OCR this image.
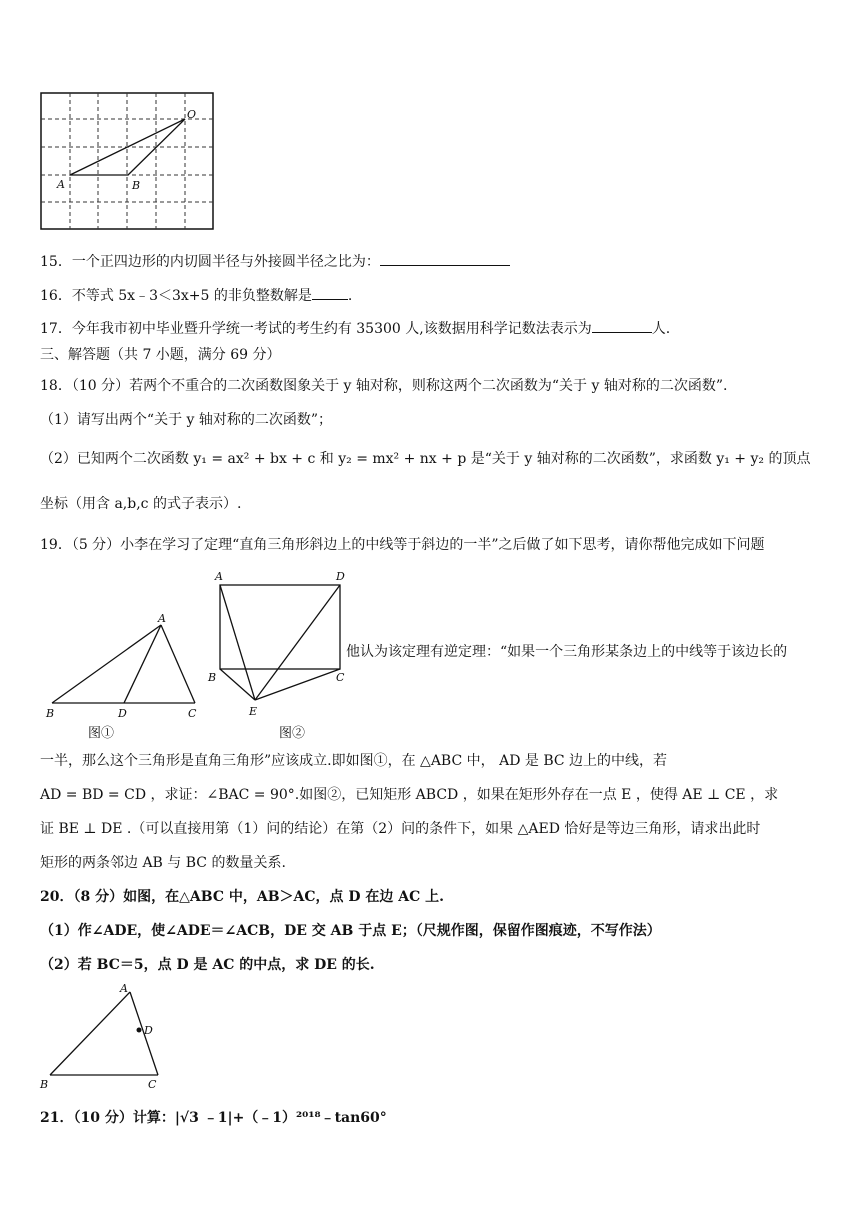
O
A	B
15．一个正四边形的内切圆半径与外接圆半径之比为：
16．不等式 5x﹣3＜3x+5 的非负整数解是	.
17．今年我市初中毕业暨升学统一考试的考生约有 35300 人,该数据用科学记数法表示为	人.
三、解答题（共 7 小题，满分 69 分）
18．（10 分）若两个不重合的二次函数图象关于 y 轴对称，则称这两个二次函数为“关于 y 轴对称的二次函数”.
（1）请写出两个“关于 y 轴对称的二次函数”；
（2）已知两个二次函数 y₁ = ax² + bx + c 和 y₂ = mx² + nx + p 是“关于 y 轴对称的二次函数”，求函数 y₁ + y₂ 的顶点
坐标（用含 a,b,c 的式子表示）.
19．（5 分）小李在学习了定理“直角三角形斜边上的中线等于斜边的一半”之后做了如下思考，请你帮他完成如下问题
A
B	D	C
图①
A	D
B	C
E
图②
他认为该定理有逆定理：“如果一个三角形某条边上的中线等于该边长的
一半，那么这个三角形是直角三角形”应该成立.即如图①，在 △ABC 中， AD 是 BC 边上的中线，若
AD = BD = CD ，求证：∠BAC = 90°.如图②，已知矩形 ABCD ，如果在矩形外存在一点 E ，使得 AE ⊥ CE ，求
证 BE ⊥ DE .（可以直接用第（1）问的结论）在第（2）问的条件下，如果 △AED 恰好是等边三角形，请求出此时
矩形的两条邻边 AB 与 BC 的数量关系.
20．（8 分）如图，在△ABC 中，AB＞AC，点 D 在边 AC 上.
（1）作∠ADE，使∠ADE＝∠ACB，DE 交 AB 于点 E；（尺规作图，保留作图痕迹，不写作法）
（2）若 BC＝5，点 D 是 AC 的中点，求 DE 的长.
A
D
B	C
21．（10 分）计算：|√3 ﹣1|+（﹣1）²⁰¹⁸﹣tan60°
